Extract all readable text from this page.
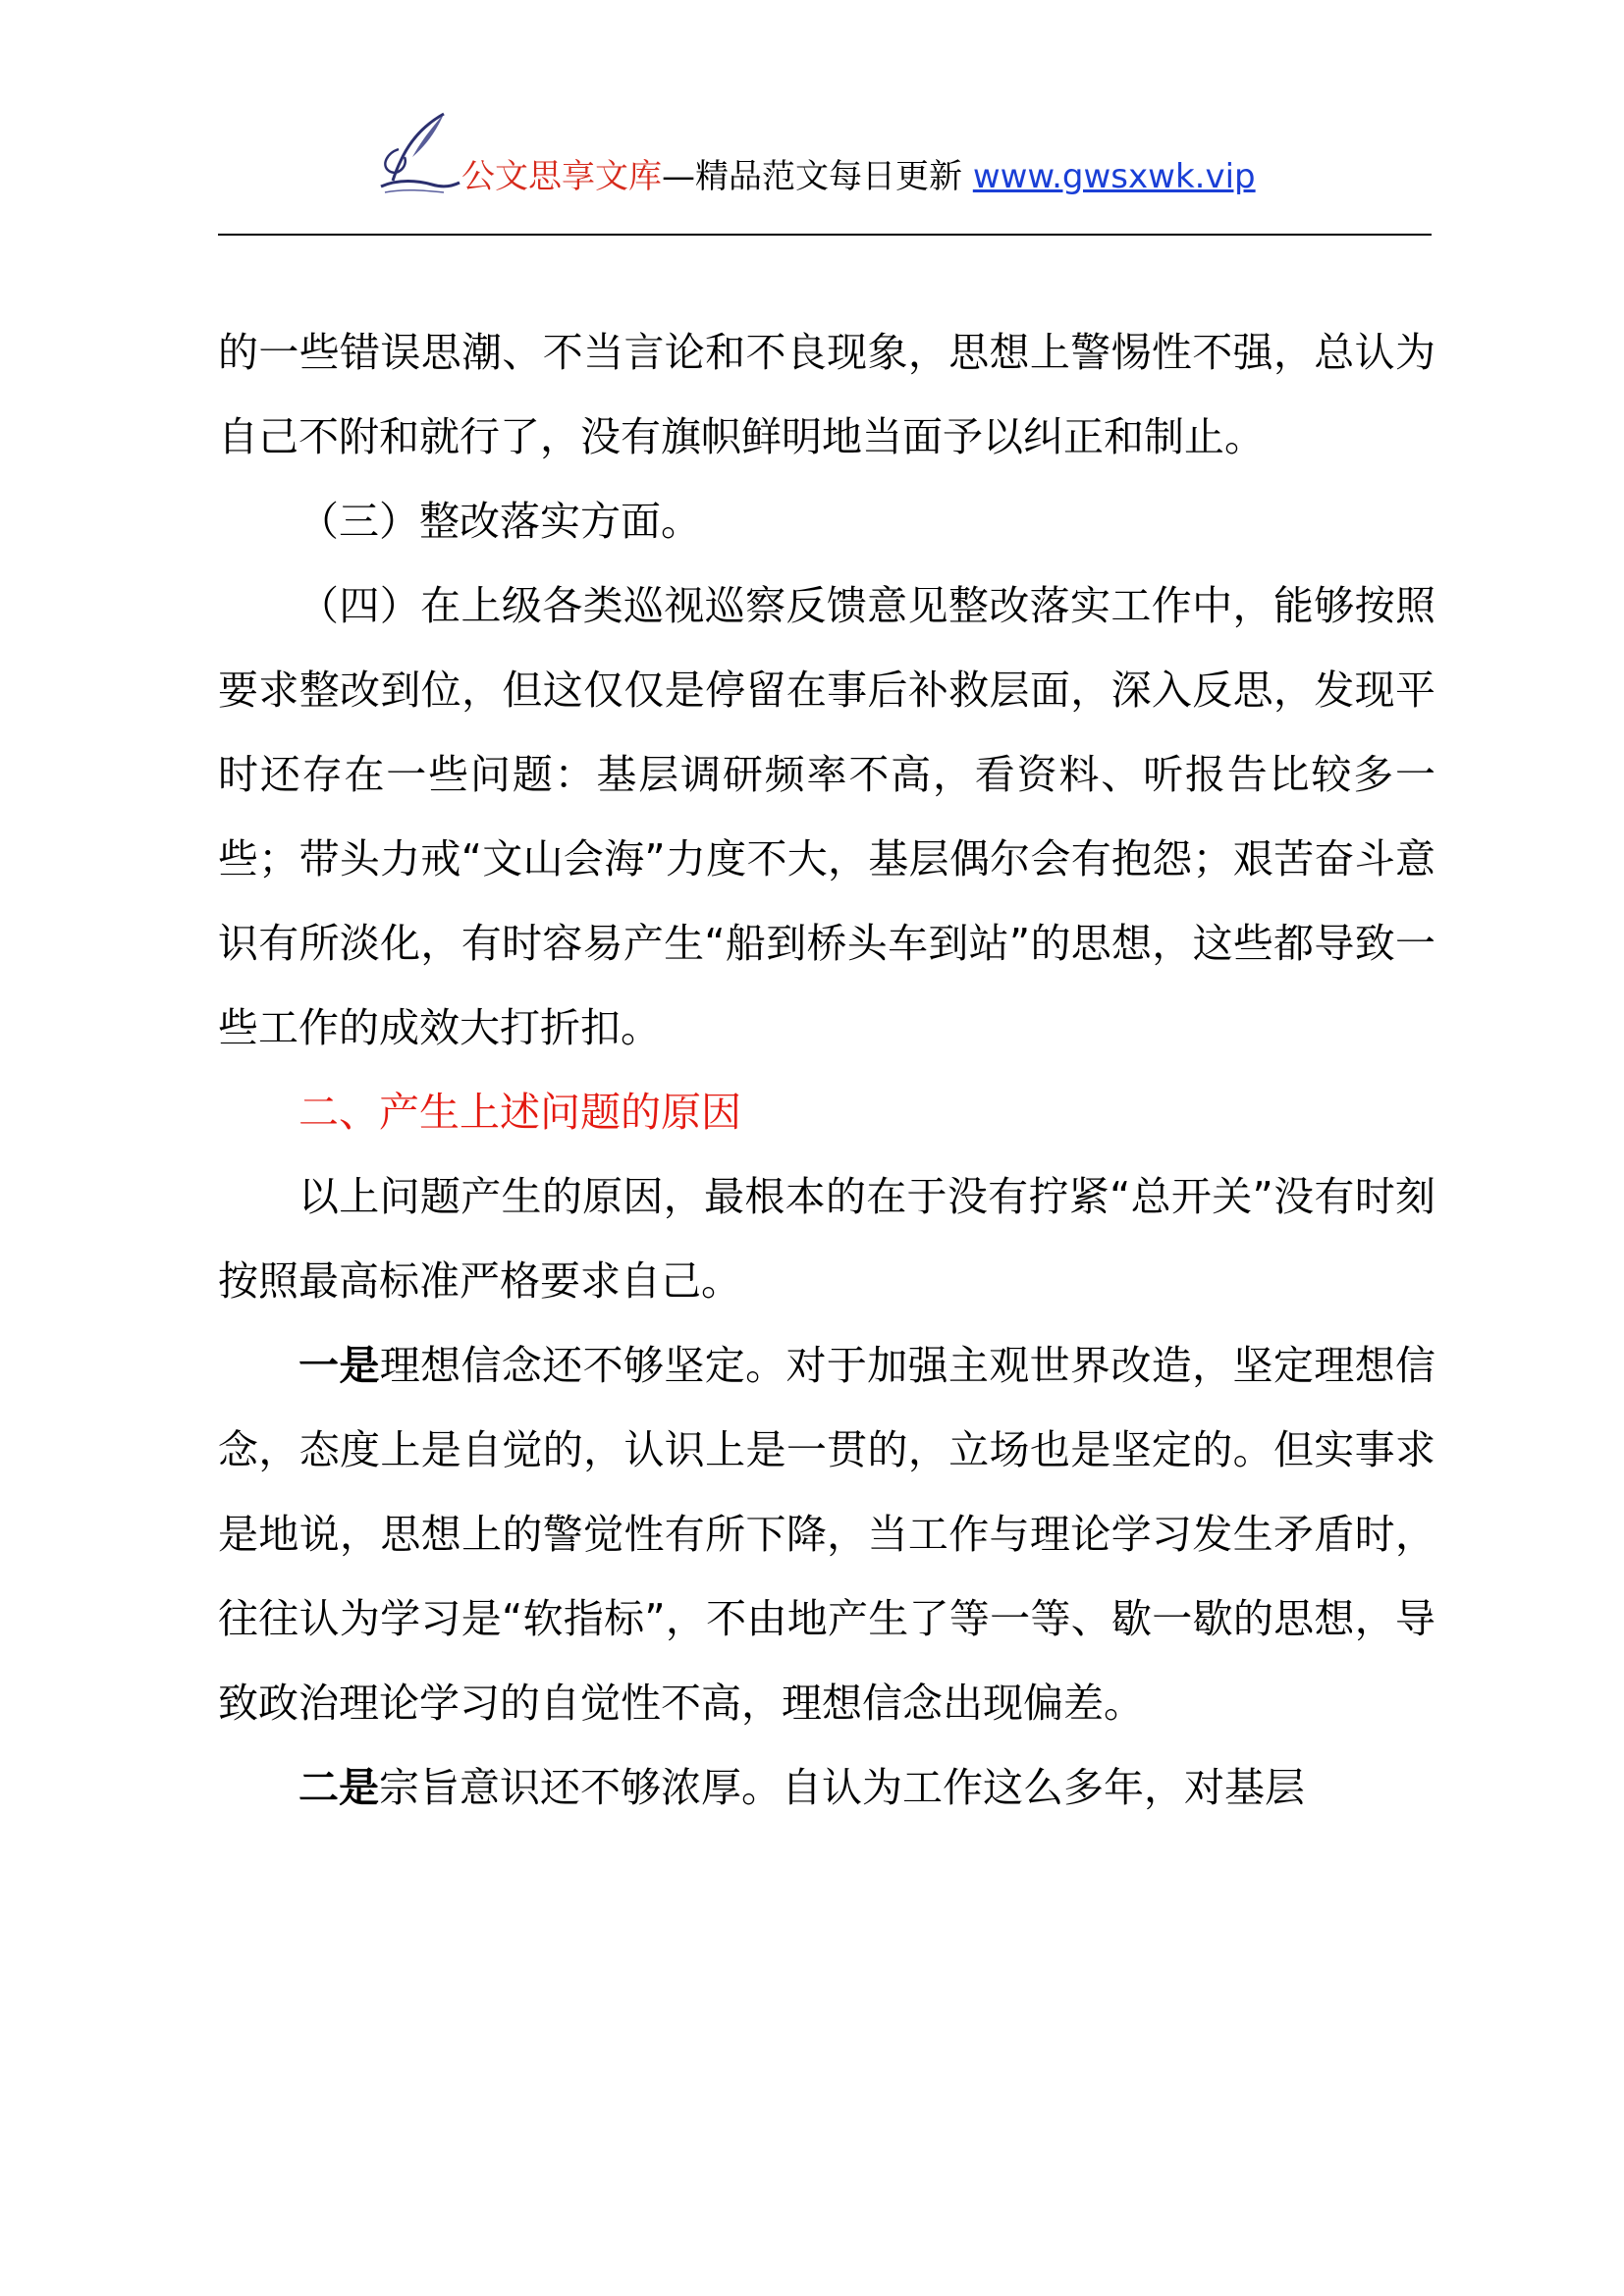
公文思享文库—精品范文每日更新 www.gwsxwk.vip

的一些错误思潮、不当言论和不良现象，思想上警惕性不强，总认为自己不附和就行了，没有旗帜鲜明地当面予以纠正和制止。

（三）整改落实方面。

（四）在上级各类巡视巡察反馈意见整改落实工作中，能够按照要求整改到位，但这仅仅是停留在事后补救层面，深入反思，发现平时还存在一些问题：基层调研频率不高，看资料、听报告比较多一些；带头力戒“文山会海”力度不大，基层偶尔会有抱怨；艰苦奋斗意识有所淡化，有时容易产生“船到桥头车到站”的思想，这些都导致一些工作的成效大打折扣。

二、产生上述问题的原因

以上问题产生的原因，最根本的在于没有拧紧“总开关”没有时刻按照最高标准严格要求自己。

一是理想信念还不够坚定。对于加强主观世界改造，坚定理想信念，态度上是自觉的，认识上是一贯的，立场也是坚定的。但实事求是地说，思想上的警觉性有所下降，当工作与理论学习发生矛盾时，往往认为学习是“软指标”，不由地产生了等一等、歇一歇的思想，导致政治理论学习的自觉性不高，理想信念出现偏差。

二是宗旨意识还不够浓厚。自认为工作这么多年，对基层
